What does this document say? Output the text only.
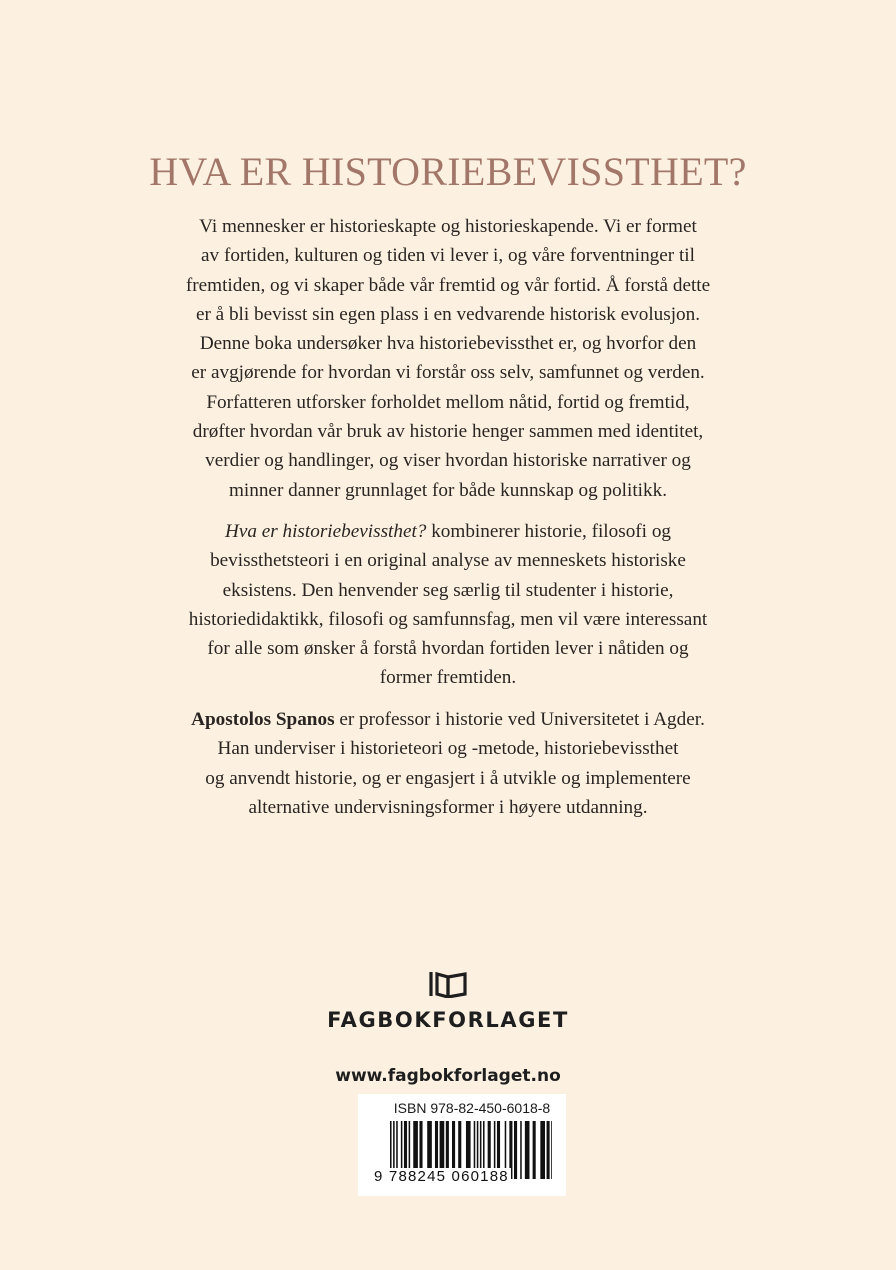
HVA ER HISTORIEBEVISSTHET?

Vi mennesker er historieskapte og historieskapende. Vi er formet
av fortiden, kulturen og tiden vi lever i, og våre forventninger til
fremtiden, og vi skaper både vår fremtid og vår fortid. Å forstå dette
er å bli bevisst sin egen plass i en vedvarende historisk evolusjon.
Denne boka undersøker hva historiebevissthet er, og hvorfor den
er avgjørende for hvordan vi forstår oss selv, samfunnet og verden.
Forfatteren utforsker forholdet mellom nåtid, fortid og fremtid,
drøfter hvordan vår bruk av historie henger sammen med identitet,
verdier og handlinger, og viser hvordan historiske narrativer og
minner danner grunnlaget for både kunnskap og politikk.

Hva er historiebevissthet? kombinerer historie, filosofi og
bevissthetsteori i en original analyse av menneskets historiske
eksistens. Den henvender seg særlig til studenter i historie,
historiedidaktikk, filosofi og samfunnsfag, men vil være interessant
for alle som ønsker å forstå hvordan fortiden lever i nåtiden og
former fremtiden.

Apostolos Spanos er professor i historie ved Universitetet i Agder.
Han underviser i historieteori og -metode, historiebevissthet
og anvendt historie, og er engasjert i å utvikle og implementere
alternative undervisningsformer i høyere utdanning.

FAGBOKFORLAGET
www.fagbokforlaget.no
ISBN 978-82-450-6018-8
9 788245 060188
